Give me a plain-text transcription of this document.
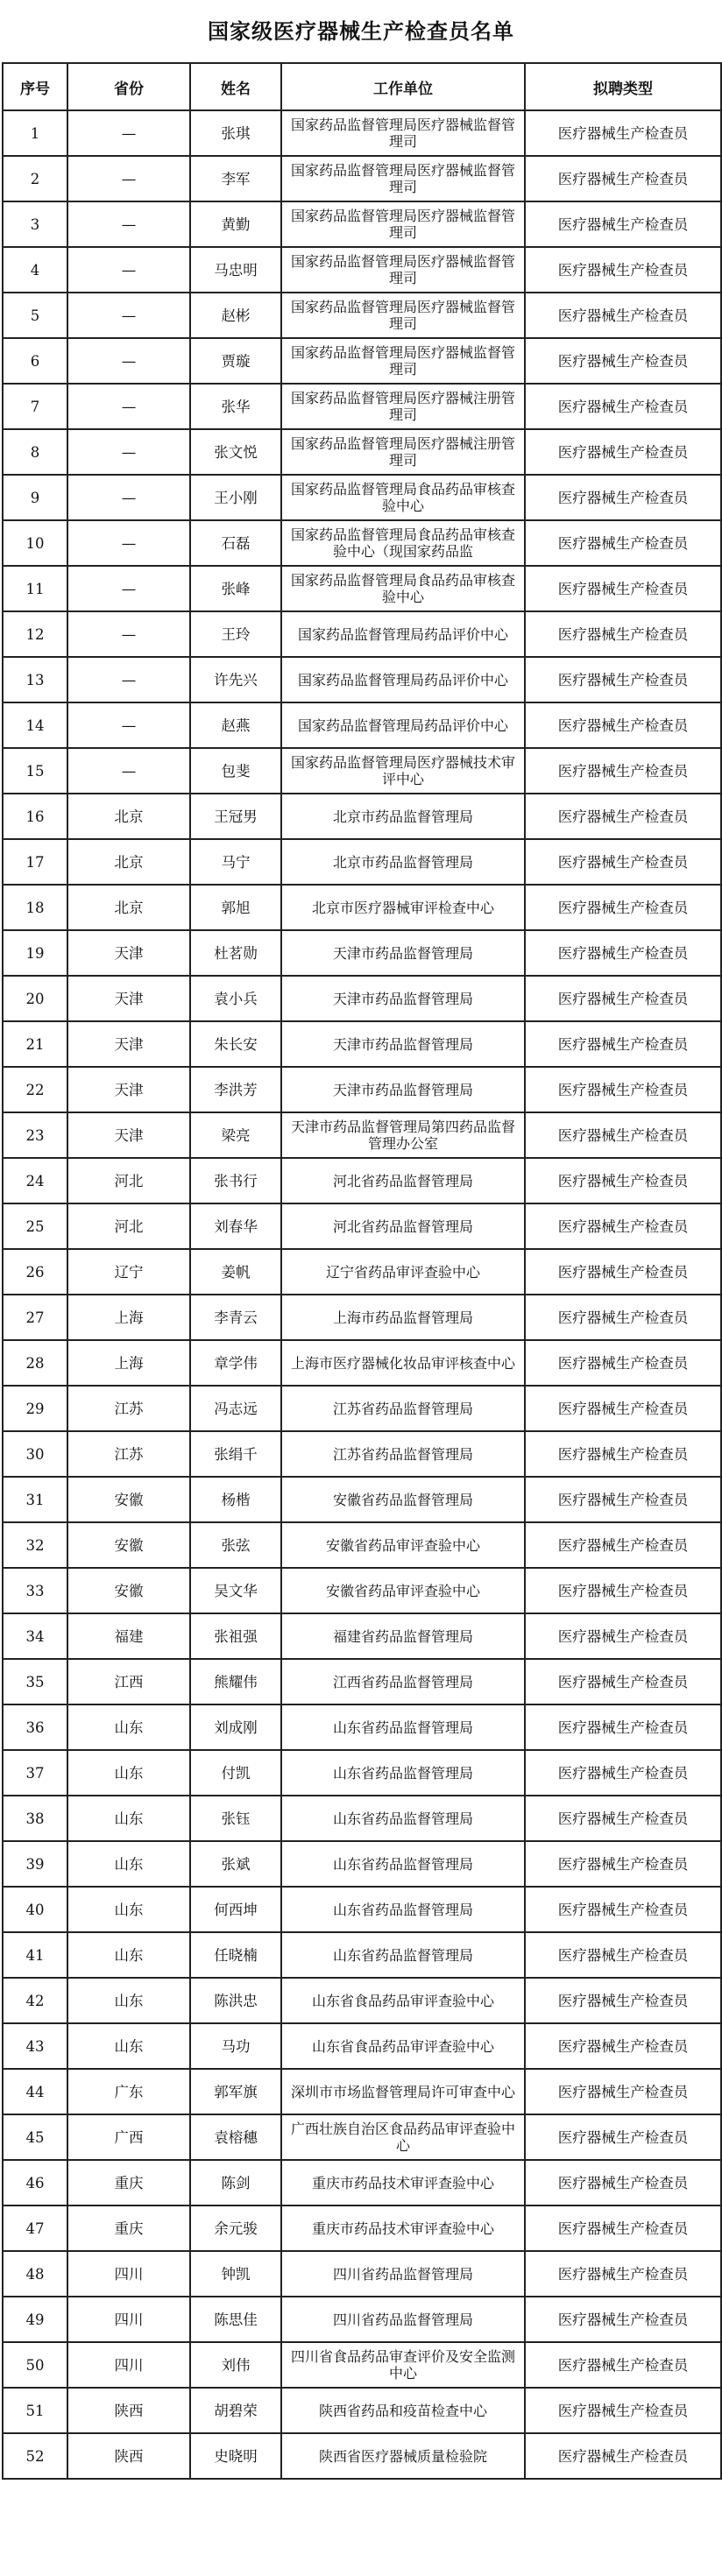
国家级医疗器械生产检查员名单
序号	省份	姓名	工作单位	拟聘类型
1	—	张琪	国家药品监督管理局医疗器械监督管理司	医疗器械生产检查员
2	—	李军	国家药品监督管理局医疗器械监督管理司	医疗器械生产检查员
3	—	黄勤	国家药品监督管理局医疗器械监督管理司	医疗器械生产检查员
4	—	马忠明	国家药品监督管理局医疗器械监督管理司	医疗器械生产检查员
5	—	赵彬	国家药品监督管理局医疗器械监督管理司	医疗器械生产检查员
6	—	贾璇	国家药品监督管理局医疗器械监督管理司	医疗器械生产检查员
7	—	张华	国家药品监督管理局医疗器械注册管理司	医疗器械生产检查员
8	—	张文悦	国家药品监督管理局医疗器械注册管理司	医疗器械生产检查员
9	—	王小刚	国家药品监督管理局食品药品审核查验中心	医疗器械生产检查员
10	—	石磊	国家药品监督管理局食品药品审核查验中心（现国家药品监	医疗器械生产检查员
11	—	张峰	国家药品监督管理局食品药品审核查验中心	医疗器械生产检查员
12	—	王玲	国家药品监督管理局药品评价中心	医疗器械生产检查员
13	—	许先兴	国家药品监督管理局药品评价中心	医疗器械生产检查员
14	—	赵燕	国家药品监督管理局药品评价中心	医疗器械生产检查员
15	—	包斐	国家药品监督管理局医疗器械技术审评中心	医疗器械生产检查员
16	北京	王冠男	北京市药品监督管理局	医疗器械生产检查员
17	北京	马宁	北京市药品监督管理局	医疗器械生产检查员
18	北京	郭旭	北京市医疗器械审评检查中心	医疗器械生产检查员
19	天津	杜茗勋	天津市药品监督管理局	医疗器械生产检查员
20	天津	袁小兵	天津市药品监督管理局	医疗器械生产检查员
21	天津	朱长安	天津市药品监督管理局	医疗器械生产检查员
22	天津	李洪芳	天津市药品监督管理局	医疗器械生产检查员
23	天津	梁亮	天津市药品监督管理局第四药品监督管理办公室	医疗器械生产检查员
24	河北	张书行	河北省药品监督管理局	医疗器械生产检查员
25	河北	刘春华	河北省药品监督管理局	医疗器械生产检查员
26	辽宁	姜帆	辽宁省药品审评查验中心	医疗器械生产检查员
27	上海	李青云	上海市药品监督管理局	医疗器械生产检查员
28	上海	章学伟	上海市医疗器械化妆品审评核查中心	医疗器械生产检查员
29	江苏	冯志远	江苏省药品监督管理局	医疗器械生产检查员
30	江苏	张绢千	江苏省药品监督管理局	医疗器械生产检查员
31	安徽	杨楷	安徽省药品监督管理局	医疗器械生产检查员
32	安徽	张弦	安徽省药品审评查验中心	医疗器械生产检查员
33	安徽	吴文华	安徽省药品审评查验中心	医疗器械生产检查员
34	福建	张祖强	福建省药品监督管理局	医疗器械生产检查员
35	江西	熊耀伟	江西省药品监督管理局	医疗器械生产检查员
36	山东	刘成刚	山东省药品监督管理局	医疗器械生产检查员
37	山东	付凯	山东省药品监督管理局	医疗器械生产检查员
38	山东	张钰	山东省药品监督管理局	医疗器械生产检查员
39	山东	张斌	山东省药品监督管理局	医疗器械生产检查员
40	山东	何西坤	山东省药品监督管理局	医疗器械生产检查员
41	山东	任晓楠	山东省药品监督管理局	医疗器械生产检查员
42	山东	陈洪忠	山东省食品药品审评查验中心	医疗器械生产检查员
43	山东	马功	山东省食品药品审评查验中心	医疗器械生产检查员
44	广东	郭军旗	深圳市市场监督管理局许可审查中心	医疗器械生产检查员
45	广西	袁榕穗	广西壮族自治区食品药品审评查验中心	医疗器械生产检查员
46	重庆	陈剑	重庆市药品技术审评查验中心	医疗器械生产检查员
47	重庆	余元骏	重庆市药品技术审评查验中心	医疗器械生产检查员
48	四川	钟凯	四川省药品监督管理局	医疗器械生产检查员
49	四川	陈思佳	四川省药品监督管理局	医疗器械生产检查员
50	四川	刘伟	四川省食品药品审查评价及安全监测中心	医疗器械生产检查员
51	陕西	胡碧荣	陕西省药品和疫苗检查中心	医疗器械生产检查员
52	陕西	史晓明	陕西省医疗器械质量检验院	医疗器械生产检查员
